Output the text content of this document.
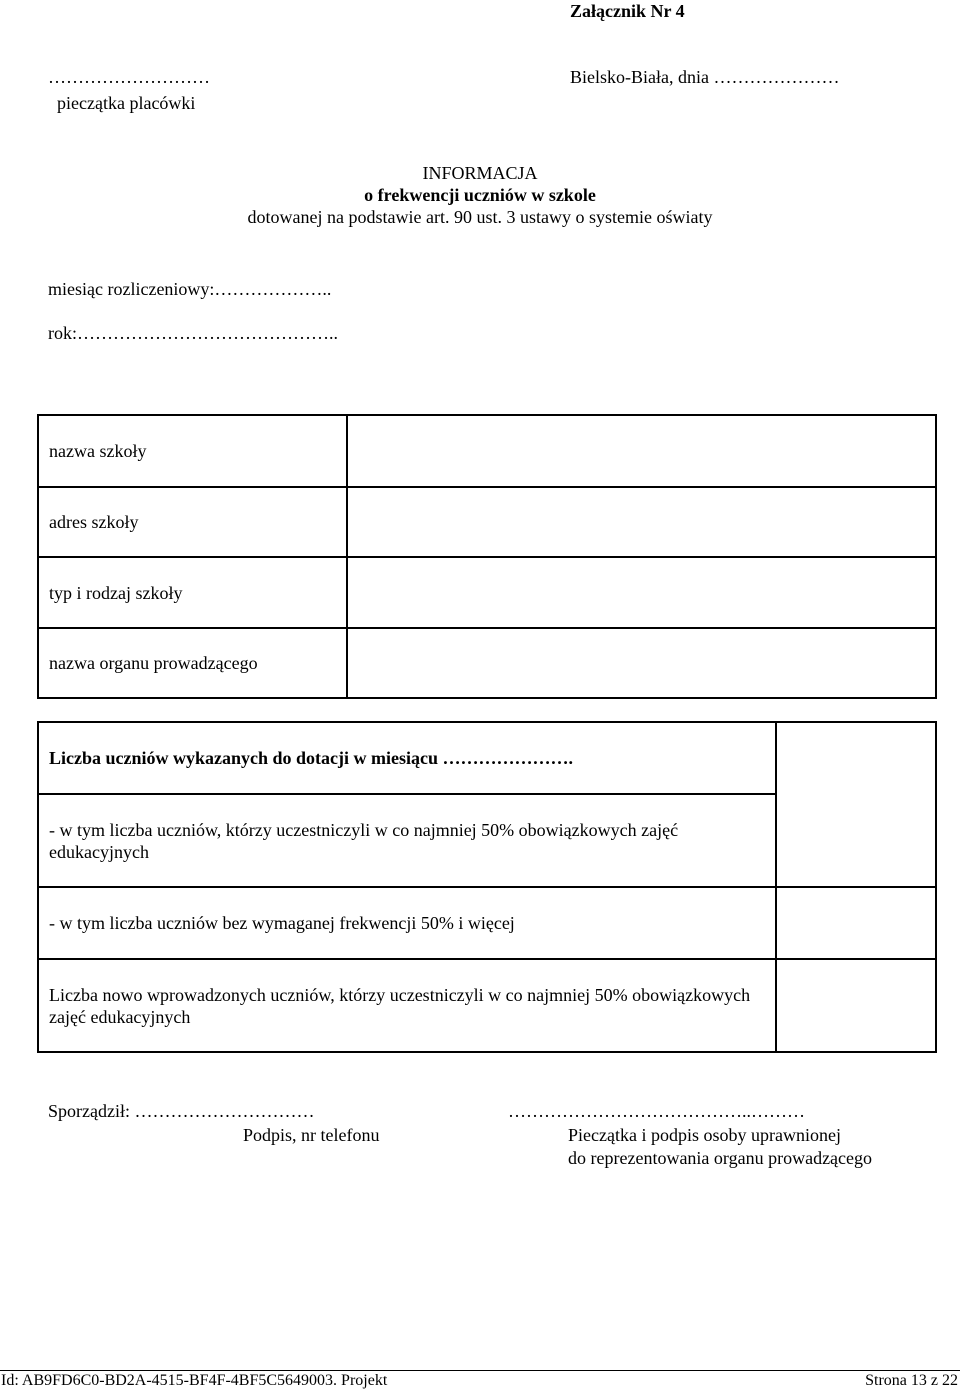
Załącznik Nr 4
………………………
pieczątka placówki
Bielsko-Biała, dnia …………………
INFORMACJA
o frekwencji uczniów w szkole
dotowanej na podstawie art. 90 ust. 3 ustawy o systemie oświaty
miesiąc rozliczeniowy:………………..
rok:……………………………………..
nazwa szkoły	
adres szkoły	
typ i rodzaj szkoły	
nazwa organu prowadzącego	
Liczba uczniów wykazanych do dotacji w miesiącu ………………….	
- w tym liczba uczniów, którzy uczestniczyli w co najmniej 50% obowiązkowych zajęć edukacyjnych	
- w tym liczba uczniów bez wymaganej frekwencji 50% i więcej	
Liczba nowo wprowadzonych uczniów, którzy uczestniczyli w co najmniej 50% obowiązkowych zajęć edukacyjnych	
Sporządził: …………………………
Podpis, nr telefonu
…………………………………..………
Pieczątka i podpis osoby uprawnionej
do reprezentowania organu prowadzącego
Id: AB9FD6C0-BD2A-4515-BF4F-4BF5C5649003. Projekt	Strona 13 z 22
